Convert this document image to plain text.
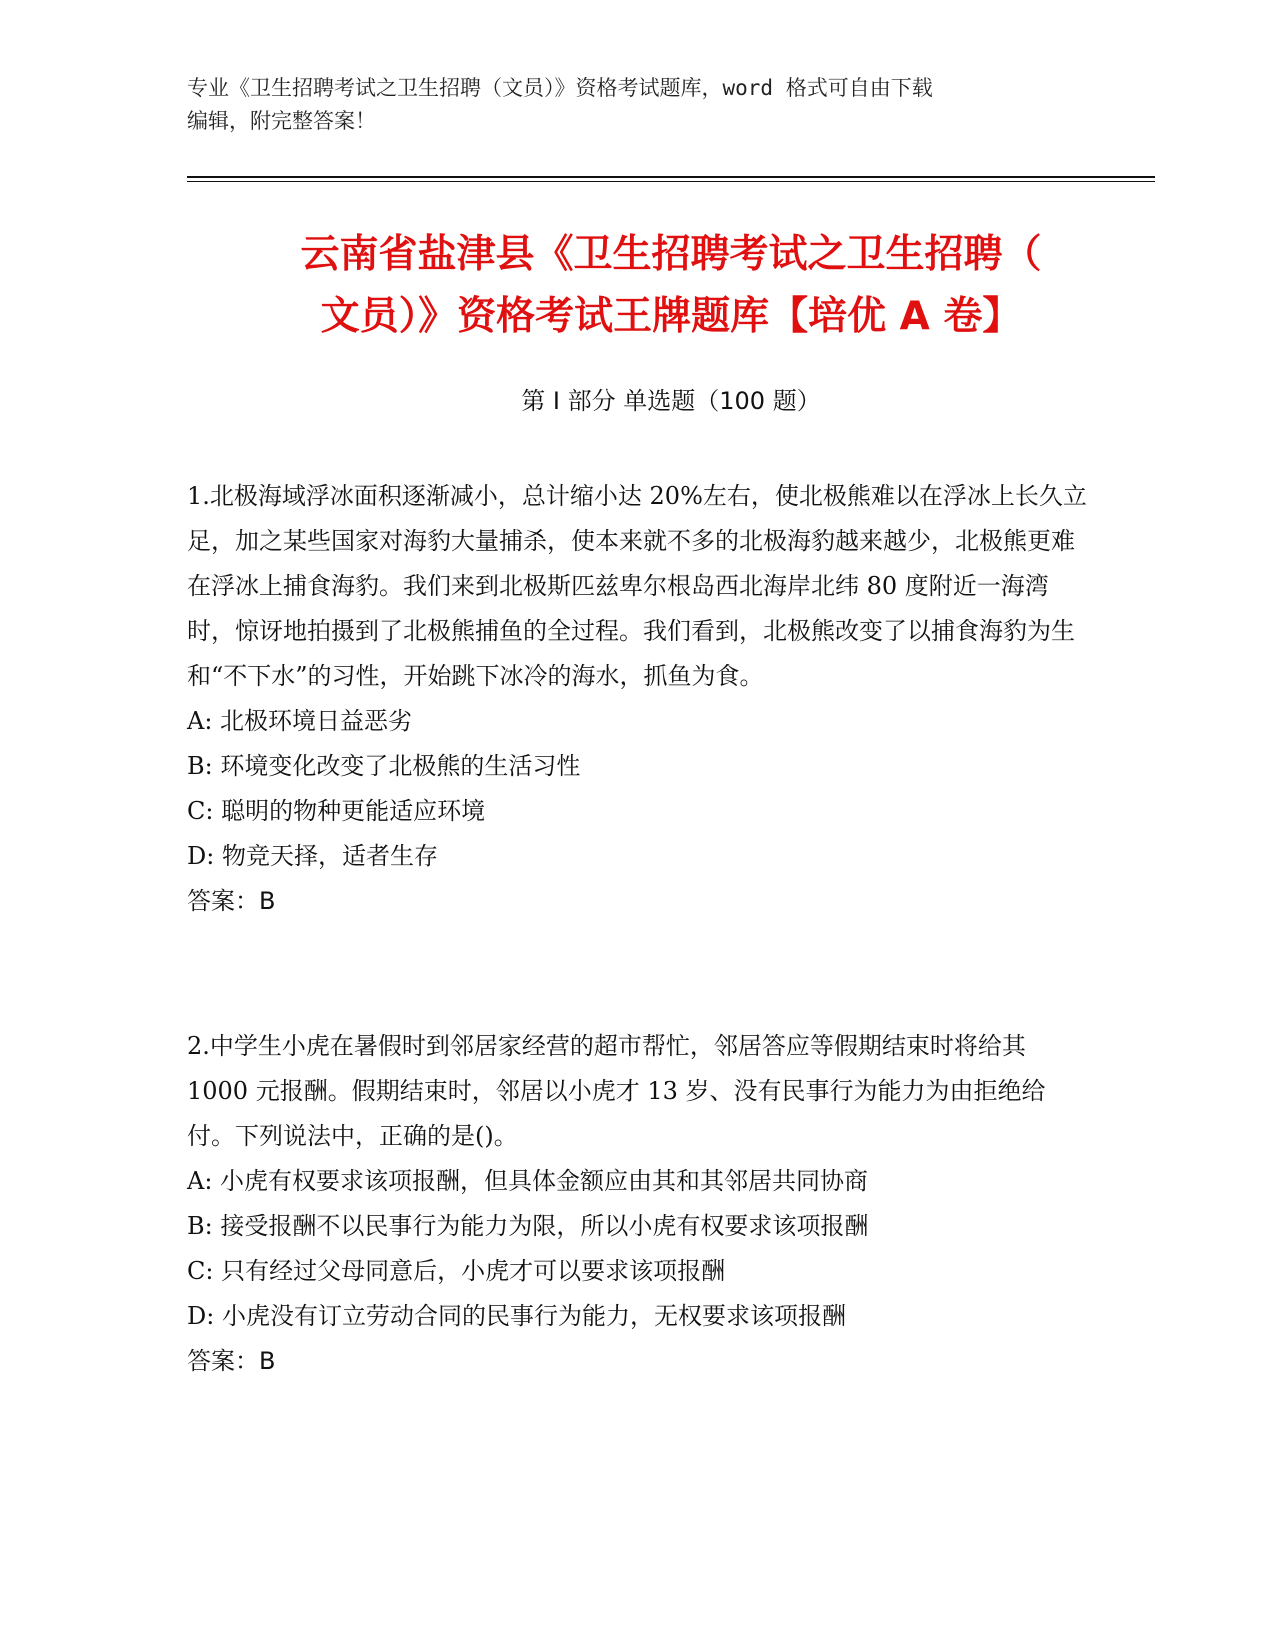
专业《卫生招聘考试之卫生招聘（文员）》资格考试题库，word 格式可自由下载
编辑，附完整答案！
云南省盐津县《卫生招聘考试之卫生招聘（
文员）》资格考试王牌题库【培优 A 卷】
第 I 部分 单选题（100 题）

1.北极海域浮冰面积逐渐减小，总计缩小达 20%左右，使北极熊难以在浮冰上长久立足，加之某些国家对海豹大量捕杀，使本来就不多的北极海豹越来越少，北极熊更难在浮冰上捕食海豹。我们来到北极斯匹兹卑尔根岛西北海岸北纬 80 度附近一海湾时，惊讶地拍摄到了北极熊捕鱼的全过程。我们看到，北极熊改变了以捕食海豹为生和“不下水”的习性，开始跳下冰冷的海水，抓鱼为食。

A: 北极环境日益恶劣

B: 环境变化改变了北极熊的生活习性

C: 聪明的物种更能适应环境

D: 物竞天择，适者生存

答案：B

2.中学生小虎在暑假时到邻居家经营的超市帮忙，邻居答应等假期结束时将给其 1000 元报酬。假期结束时，邻居以小虎才 13 岁、没有民事行为能力为由拒绝给付。下列说法中，正确的是()。

A: 小虎有权要求该项报酬，但具体金额应由其和其邻居共同协商

B: 接受报酬不以民事行为能力为限，所以小虎有权要求该项报酬

C: 只有经过父母同意后，小虎才可以要求该项报酬

D: 小虎没有订立劳动合同的民事行为能力，无权要求该项报酬

答案：B
